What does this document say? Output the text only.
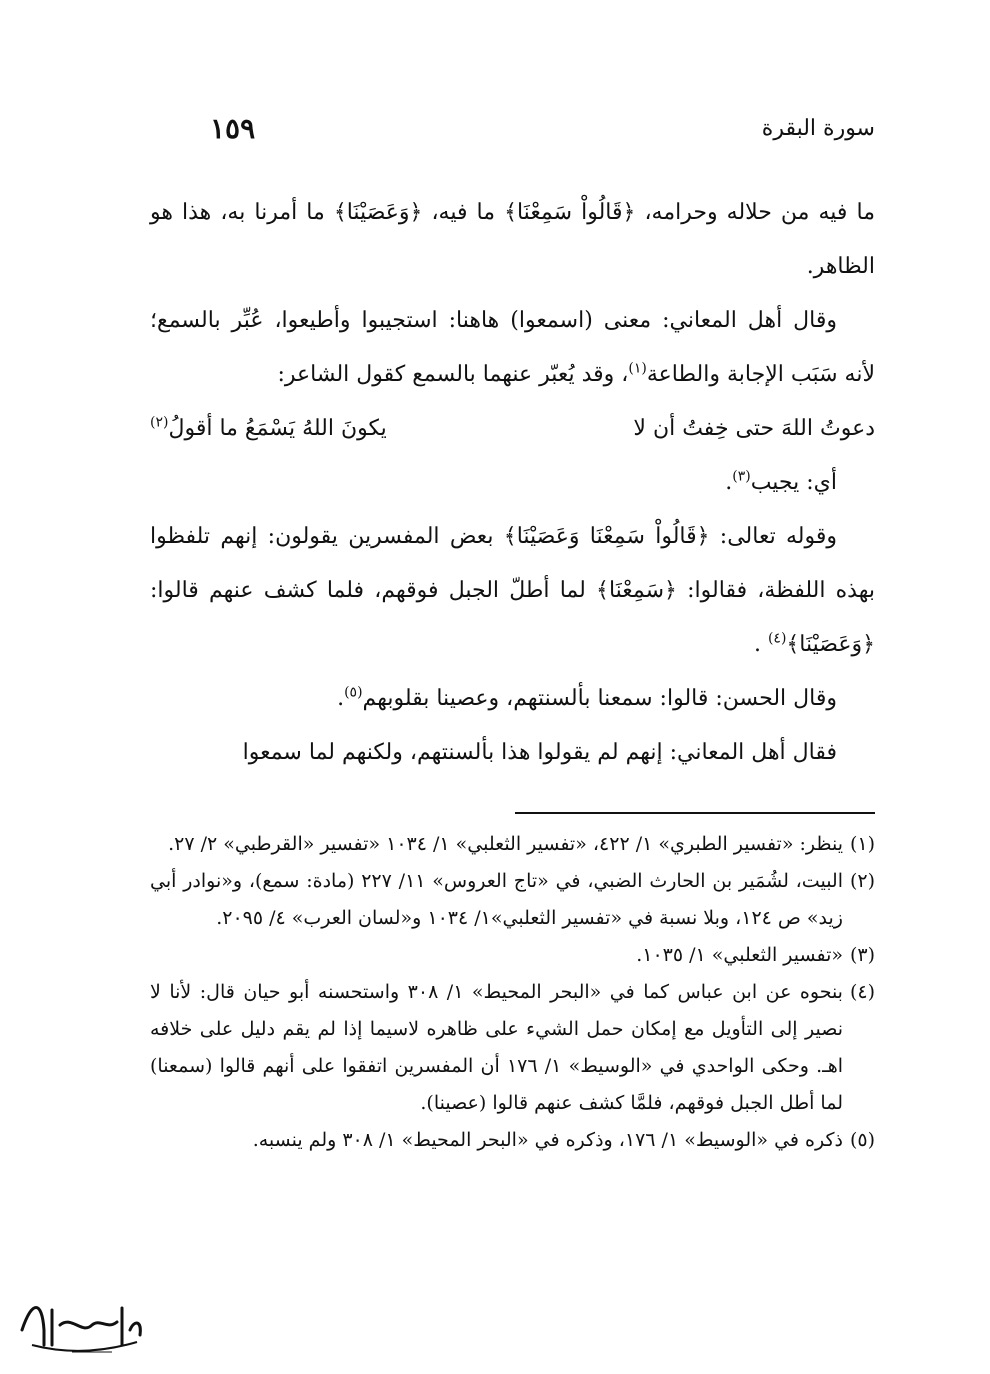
١٥٩	سورة البقرة

ما فيه من حلاله وحرامه، ﴿قَالُواْ سَمِعْنَا﴾ ما فيه، ﴿وَعَصَيْنَا﴾ ما أمرنا به، هذا هو الظاهر.

وقال أهل المعاني: معنى (اسمعوا) هاهنا: استجيبوا وأطيعوا، عُبِّر بالسمع؛ لأنه سَبَب الإجابة والطاعة$^{(١)}$، وقد يُعبّر عنهما بالسمع كقول الشاعر:

دعوتُ اللهَ حتى خِفتُ أن لا
يكونَ اللهُ يَسْمَعُ ما أقولُ$^{(٢)}$

أي: يجيب$^{(٣)}$.

وقوله تعالى: ﴿قَالُواْ سَمِعْنَا وَعَصَيْنَا﴾ بعض المفسرين يقولون: إنهم تلفظوا بهذه اللفظة، فقالوا: ﴿سَمِعْنَا﴾ لما أطلّ الجبل فوقهم، فلما كشف عنهم قالوا: ﴿وَعَصَيْنَا﴾$^{(٤)}$ .

وقال الحسن: قالوا: سمعنا بألسنتهم، وعصينا بقلوبهم$^{(٥)}$.

فقال أهل المعاني: إنهم لم يقولوا هذا بألسنتهم، ولكنهم لما سمعوا

(١)
ينظر: «تفسير الطبري» ١/ ٤٢٢، «تفسير الثعلبي» ١/ ١٠٣٤ «تفسير «القرطبي» ٢/ ٢٧.
(٢)
البيت، لشُمَير بن الحارث الضبي، في «تاج العروس» ١١/ ٢٢٧ (مادة: سمع)، و«نوادر أبي زيد» ص ١٢٤، وبلا نسبة في «تفسير الثعلبي»١/ ١٠٣٤ و«لسان العرب» ٤/ ٢٠٩٥.
(٣)
«تفسير الثعلبي» ١/ ١٠٣٥.
(٤)
بنحوه عن ابن عباس كما في «البحر المحيط» ١/ ٣٠٨ واستحسنه أبو حيان قال: لأنا لا نصير إلى التأويل مع إمكان حمل الشيء على ظاهره لاسيما إذا لم يقم دليل على خلافه اهـ. وحكى الواحدي في «الوسيط» ١/ ١٧٦ أن المفسرين اتفقوا على أنهم قالوا (سمعنا) لما أطل الجبل فوقهم، فلمَّا كشف عنهم قالوا (عصينا).
(٥)
ذكره في «الوسيط» ١/ ١٧٦، وذكره في «البحر المحيط» ١/ ٣٠٨ ولم ينسبه.
